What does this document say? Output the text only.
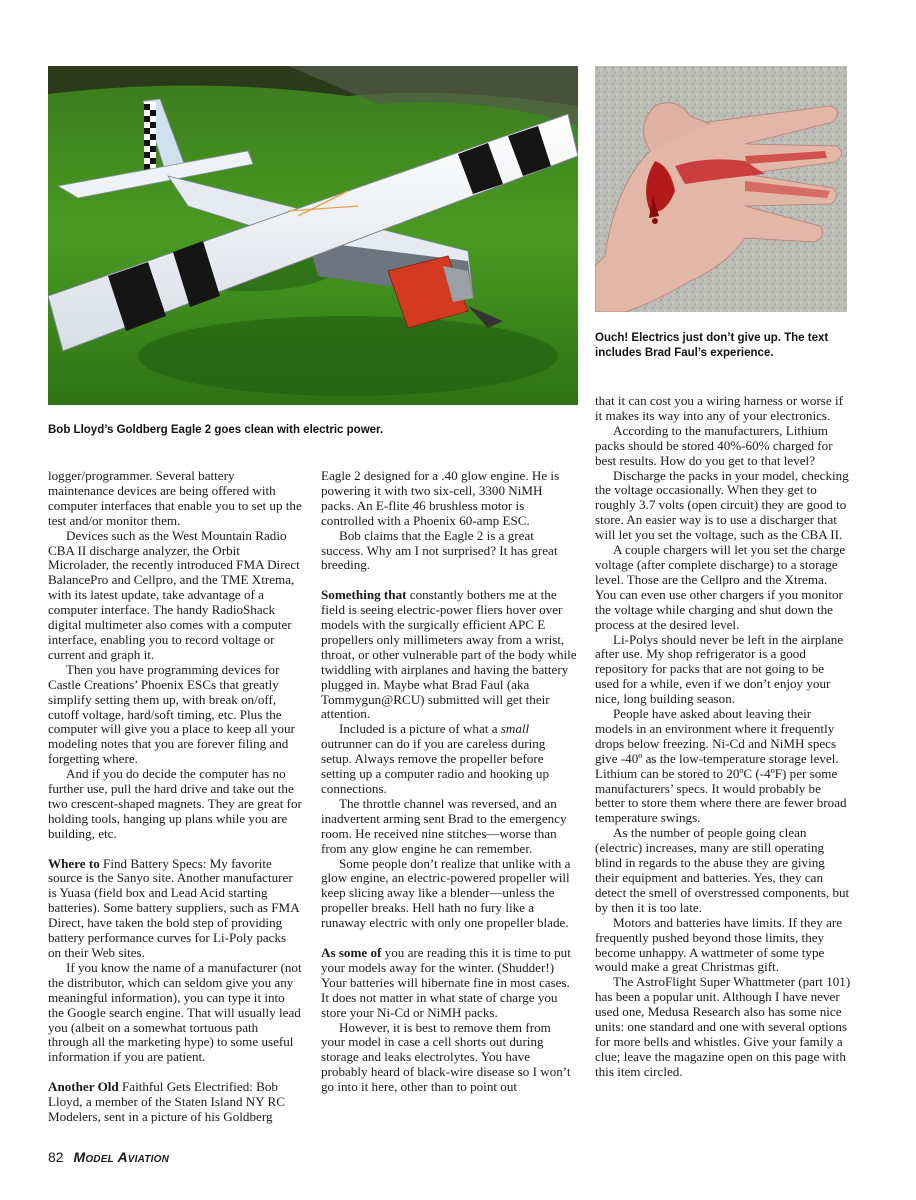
Bob Lloyd’s Goldberg Eagle 2 goes clean with electric power.

Ouch! Electrics just don’t give up. The text includes Brad Faul’s experience.

logger/programmer. Several battery maintenance devices are being offered with computer interfaces that enable you to set up the test and/or monitor them.

Devices such as the West Mountain Radio CBA II discharge analyzer, the Orbit Microlader, the recently introduced FMA Direct BalancePro and Cellpro, and the TME Xtrema, with its latest update, take advantage of a computer interface. The handy RadioShack digital multimeter also comes with a computer interface, enabling you to record voltage or current and graph it.

Then you have programming devices for Castle Creations’ Phoenix ESCs that greatly simplify setting them up, with break on/off, cutoff voltage, hard/soft timing, etc. Plus the computer will give you a place to keep all your modeling notes that you are forever filing and forgetting where.

And if you do decide the computer has no further use, pull the hard drive and take out the two crescent-shaped magnets. They are great for holding tools, hanging up plans while you are building, etc.

Where to Find Battery Specs: My favorite source is the Sanyo site. Another manufacturer is Yuasa (field box and Lead Acid starting batteries). Some battery suppliers, such as FMA Direct, have taken the bold step of providing battery performance curves for Li-Poly packs on their Web sites.

If you know the name of a manufacturer (not the distributor, which can seldom give you any meaningful information), you can type it into the Google search engine. That will usually lead you (albeit on a somewhat tortuous path through all the marketing hype) to some useful information if you are patient.

Another Old Faithful Gets Electrified: Bob Lloyd, a member of the Staten Island NY RC Modelers, sent in a picture of his Goldberg

Eagle 2 designed for a .40 glow engine. He is powering it with two six-cell, 3300 NiMH packs. An E-flite 46 brushless motor is controlled with a Phoenix 60-amp ESC.

Bob claims that the Eagle 2 is a great success. Why am I not surprised? It has great breeding.

Something that constantly bothers me at the field is seeing electric-power fliers hover over models with the surgically efficient APC E propellers only millimeters away from a wrist, throat, or other vulnerable part of the body while twiddling with airplanes and having the battery plugged in. Maybe what Brad Faul (aka Tommygun@RCU) submitted will get their attention.

Included is a picture of what a small outrunner can do if you are careless during setup. Always remove the propeller before setting up a computer radio and hooking up connections.

The throttle channel was reversed, and an inadvertent arming sent Brad to the emergency room. He received nine stitches—worse than from any glow engine he can remember.

Some people don’t realize that unlike with a glow engine, an electric-powered propeller will keep slicing away like a blender—unless the propeller breaks. Hell hath no fury like a runaway electric with only one propeller blade.

As some of you are reading this it is time to put your models away for the winter. (Shudder!) Your batteries will hibernate fine in most cases. It does not matter in what state of charge you store your Ni-Cd or NiMH packs.

However, it is best to remove them from your model in case a cell shorts out during storage and leaks electrolytes. You have probably heard of black-wire disease so I won’t go into it here, other than to point out

that it can cost you a wiring harness or worse if it makes its way into any of your electronics.

According to the manufacturers, Lithium packs should be stored 40%-60% charged for best results. How do you get to that level?

Discharge the packs in your model, checking the voltage occasionally. When they get to roughly 3.7 volts (open circuit) they are good to store. An easier way is to use a discharger that will let you set the voltage, such as the CBA II.

A couple chargers will let you set the charge voltage (after complete discharge) to a storage level. Those are the Cellpro and the Xtrema. You can even use other chargers if you monitor the voltage while charging and shut down the process at the desired level.

Li-Polys should never be left in the airplane after use. My shop refrigerator is a good repository for packs that are not going to be used for a while, even if we don’t enjoy your nice, long building season.

People have asked about leaving their models in an environment where it frequently drops below freezing. Ni-Cd and NiMH specs give -40º as the low-temperature storage level. Lithium can be stored to 20ºC (-4ºF) per some manufacturers’ specs. It would probably be better to store them where there are fewer broad temperature swings.

As the number of people going clean (electric) increases, many are still operating blind in regards to the abuse they are giving their equipment and batteries. Yes, they can detect the smell of overstressed components, but by then it is too late.

Motors and batteries have limits. If they are frequently pushed beyond those limits, they become unhappy. A wattmeter of some type would make a great Christmas gift.

The AstroFlight Super Whattmeter (part 101) has been a popular unit. Although I have never used one, Medusa Research also has some nice units: one standard and one with several options for more bells and whistles. Give your family a clue; leave the magazine open on this page with this item circled.

82 Model Aviation
